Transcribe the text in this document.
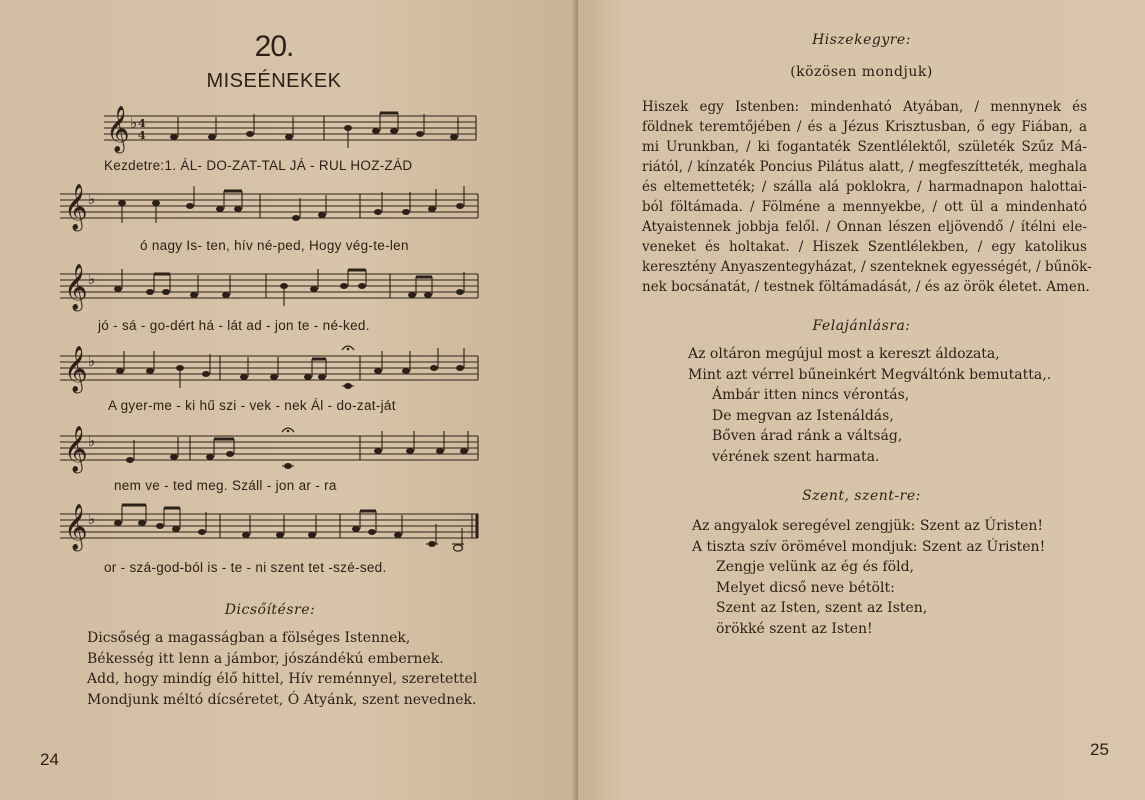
20.
MISEÉNEKEK
𝄞 ♭ 4
4
Kezdetre:1. ÁL- DO-ZAT-TAL JÁ - RUL HOZ-ZÁD
𝄞 ♭
ó nagy Is- ten, hív né-ped, Hogy vég-te-len
𝄞 ♭
jó - sá - go-dért há - lát ad - jon te - né-ked.
𝄞 ♭
A gyer-me - ki hű szi - vek - nek Ál - do-zat-ját
𝄞 ♭
nem ve - ted meg. Száll - jon ar - ra
𝄞 ♭
or - szá-god-ból is - te - ni szent tet -szé-sed.
Dicsőítésre:
Dicsőség a magasságban a fölséges Istennek,
Békesség itt lenn a jámbor, jószándékú embernek.
Add, hogy mindíg élő hittel, Hív reménnyel, szeretettel
Mondjunk méltó dícséretet, Ó Atyánk, szent nevednek.
24
Hiszekegyre:
(közösen mondjuk)
Hiszek egy Istenben: mindenható Atyában, / mennynek és
földnek teremtőjében / és a Jézus Krisztusban, ő egy Fiában, a
mi Urunkban, / ki fogantaték Szentlélektől, születék Szűz Má-
riától, / kínzaték Poncius Pilátus alatt, / megfeszítteték, meghala
és eltemetteték; / szálla alá poklokra, / harmadnapon halottai-
ból föltámada. / Fölméne a mennyekbe, / ott ül a mindenható
Atyaistennek jobbja felől. / Onnan lészen eljövendő / ítélni ele-
veneket és holtakat. / Hiszek Szentlélekben, / egy katolikus
keresztény Anyaszentegyházat, / szenteknek egyességét, / bűnök-
nek bocsánatát, / testnek föltámadását, / és az örök életet. Amen.
Felajánlásra:
Az oltáron megújul most a kereszt áldozata,
Mint azt vérrel bűneinkért Megváltónk bemutatta,.
Ámbár itten nincs vérontás,
De megvan az Istenáldás,
Bőven árad ránk a váltság,
vérének szent harmata.
Szent, szent-re:
Az angyalok seregével zengjük: Szent az Úristen!
A tiszta szív örömével mondjuk: Szent az Úristen!
Zengje velünk az ég és föld,
Melyet dicső neve bétölt:
Szent az Isten, szent az Isten,
örökké szent az Isten!
25
